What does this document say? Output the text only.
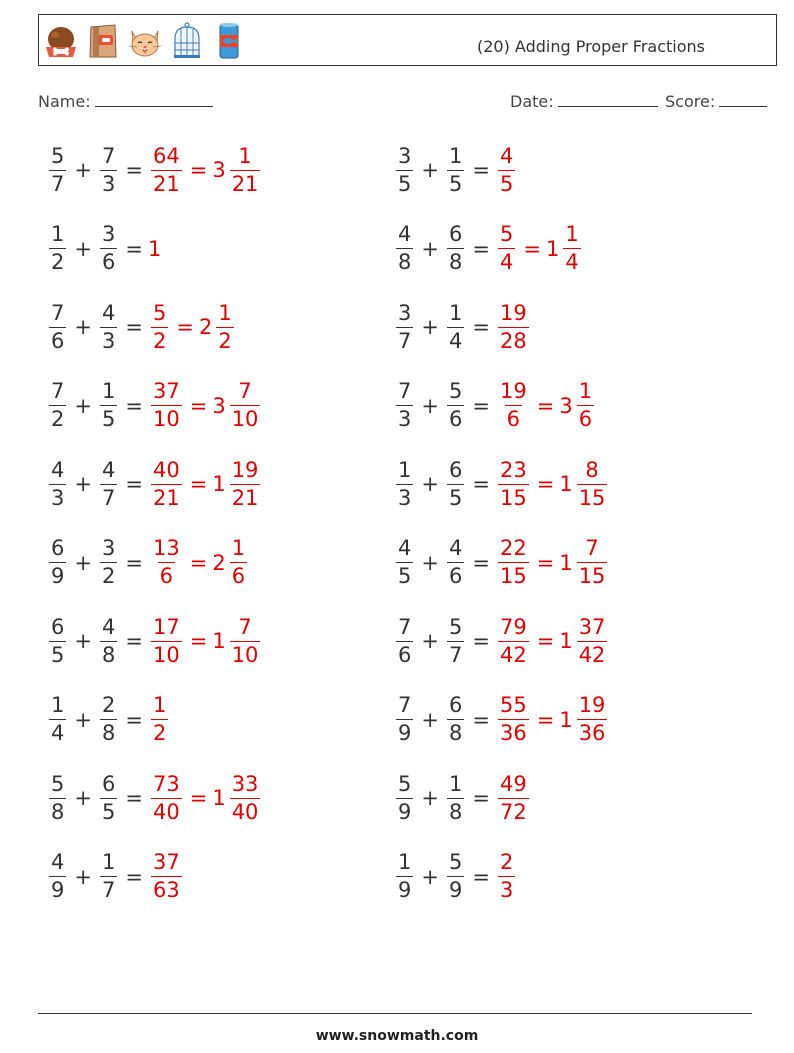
(20) Adding Proper Fractions
Name:	Date:	Score:
$\frac{5}{7} + \frac{7}{3} = \frac{64}{21} = 3 \frac{1}{21}$
$\frac{1}{2} + \frac{3}{6} = 1$
$\frac{7}{6} + \frac{4}{3} = \frac{5}{2} = 2 \frac{1}{2}$
$\frac{7}{2} + \frac{1}{5} = \frac{37}{10} = 3 \frac{7}{10}$
$\frac{4}{3} + \frac{4}{7} = \frac{40}{21} = 1 \frac{19}{21}$
$\frac{6}{9} + \frac{3}{2} = \frac{13}{6} = 2 \frac{1}{6}$
$\frac{6}{5} + \frac{4}{8} = \frac{17}{10} = 1 \frac{7}{10}$
$\frac{1}{4} + \frac{2}{8} = \frac{1}{2}$
$\frac{5}{8} + \frac{6}{5} = \frac{73}{40} = 1 \frac{33}{40}$
$\frac{4}{9} + \frac{1}{7} = \frac{37}{63}$
$\frac{3}{5} + \frac{1}{5} = \frac{4}{5}$
$\frac{4}{8} + \frac{6}{8} = \frac{5}{4} = 1 \frac{1}{4}$
$\frac{3}{7} + \frac{1}{4} = \frac{19}{28}$
$\frac{7}{3} + \frac{5}{6} = \frac{19}{6} = 3 \frac{1}{6}$
$\frac{1}{3} + \frac{6}{5} = \frac{23}{15} = 1 \frac{8}{15}$
$\frac{4}{5} + \frac{4}{6} = \frac{22}{15} = 1 \frac{7}{15}$
$\frac{7}{6} + \frac{5}{7} = \frac{79}{42} = 1 \frac{37}{42}$
$\frac{7}{9} + \frac{6}{8} = \frac{55}{36} = 1 \frac{19}{36}$
$\frac{5}{9} + \frac{1}{8} = \frac{49}{72}$
$\frac{1}{9} + \frac{5}{9} = \frac{2}{3}$
www.snowmath.com
